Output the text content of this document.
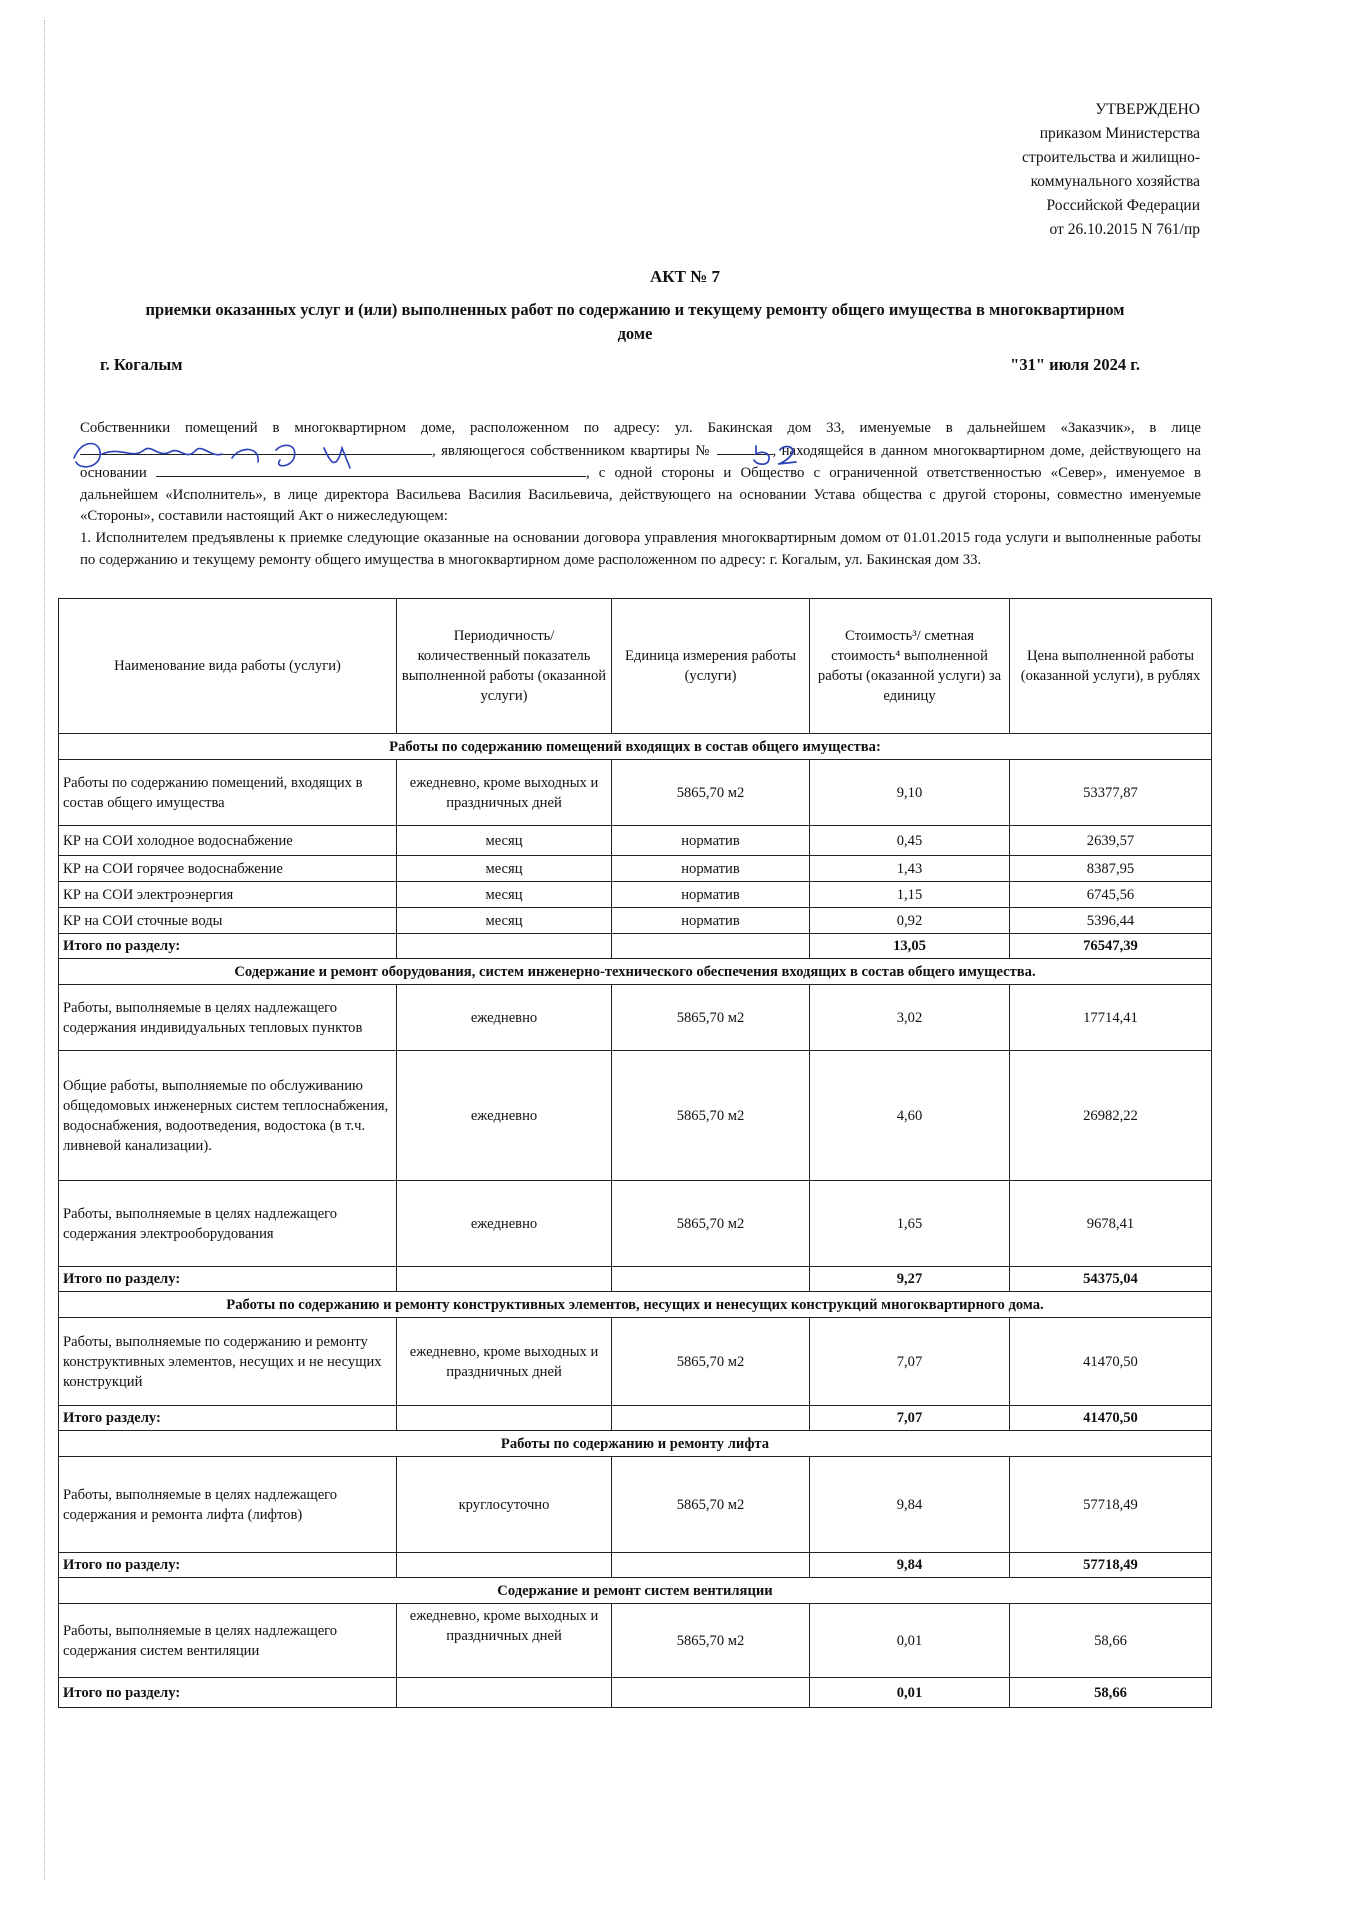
УТВЕРЖДЕНО
приказом Министерства
строительства и жилищно-
коммунального хозяйства
Российской Федерации
от 26.10.2015 N 761/пр
АКТ № 7
приемки оказанных услуг и (или) выполненных работ по содержанию и текущему ремонту общего имущества в многоквартирном доме
г. Когалым	"31" июля 2024 г.

Собственники помещений в многоквартирном доме, расположенном по адресу: ул. Бакинская дом 33, именуемые в дальнейшем «Заказчик», в лице , являющегося собственником квартиры №	, находящейся в данном многоквартирном доме, действующего на основании	, с одной стороны и Общество с ограниченной ответственностью «Север», именуемое в дальнейшем «Исполнитель», в лице директора Васильева Василия Васильевича, действующего на основании Устава общества с другой стороны, совместно именуемые «Стороны», составили настоящий Акт о нижеследующем:

1. Исполнителем предъявлены к приемке следующие оказанные на основании договора управления многоквартирным домом от 01.01.2015 года услуги и выполненные работы по содержанию и текущему ремонту общего имущества в многоквартирном доме расположенном по адресу: г. Когалым, ул. Бакинская дом 33.

Наименование вида работы (услуги)	Периодичность/ количественный показатель выполненной работы (оказанной услуги)	Единица измерения работы (услуги)	Стоимость³/ сметная стоимость⁴ выполненной работы (оказанной услуги) за единицу	Цена выполненной работы (оказанной услуги), в рублях
Работы по содержанию помещений входящих в состав общего имущества:				
Работы по содержанию помещений, входящих в состав общего имущества	ежедневно, кроме выходных и праздничных дней	5865,70 м2	9,10	53377,87
КР на СОИ холодное водоснабжение	месяц	норматив	0,45	2639,57
КР на СОИ горячее водоснабжение	месяц	норматив	1,43	8387,95
КР на СОИ электроэнергия	месяц	норматив	1,15	6745,56
КР на СОИ сточные воды	месяц	норматив	0,92	5396,44
Итого по разделу:			13,05	76547,39
Содержание и ремонт оборудования, систем инженерно-технического обеспечения входящих в состав общего имущества.				
Работы, выполняемые в целях надлежащего содержания индивидуальных тепловых пунктов	ежедневно	5865,70 м2	3,02	17714,41
Общие работы, выполняемые по обслуживанию общедомовых инженерных систем теплоснабжения, водоснабжения, водоотведения, водостока (в т.ч. ливневой канализации).	ежедневно	5865,70 м2	4,60	26982,22
Работы, выполняемые в целях надлежащего содержания электрооборудования	ежедневно	5865,70 м2	1,65	9678,41
Итого по разделу:			9,27	54375,04
Работы по содержанию и ремонту конструктивных элементов, несущих и ненесущих конструкций многоквартирного дома.				
Работы, выполняемые по содержанию и ремонту конструктивных элементов, несущих и не несущих конструкций	ежедневно, кроме выходных и праздничных дней	5865,70 м2	7,07	41470,50
Итого разделу:			7,07	41470,50
Работы по содержанию и ремонту лифта				
Работы, выполняемые в целях надлежащего содержания и ремонта лифта (лифтов)	круглосуточно	5865,70 м2	9,84	57718,49
Итого по разделу:			9,84	57718,49
Содержание и ремонт систем вентиляции				
Работы, выполняемые в целях надлежащего содержания систем вентиляции	ежедневно, кроме выходных и праздничных дней	5865,70 м2	0,01	58,66
Итого по разделу:			0,01	58,66
